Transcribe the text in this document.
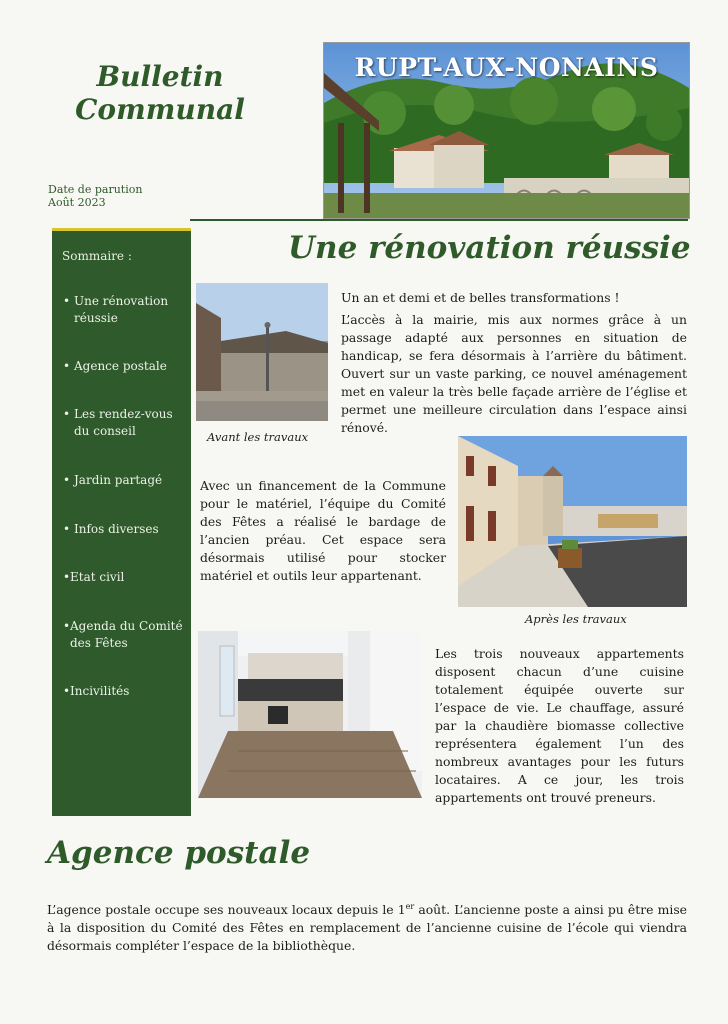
Bulletin
Communal
Date de parution
Août 2023
RUPT-AUX-NONAINS
Sommaire :
• Une rénovation réussie
• Agence postale
• Les rendez-vous du conseil
• Jardin partagé
• Infos diverses
• Etat civil
• Agenda du Comité des Fêtes
• Incivilités
Une rénovation réussie
Avant les travaux
Un an et demi et de belles transformations !
L’accès à la mairie, mis aux normes grâce à un passage adapté aux personnes en situation de handicap, se fera désormais à l’arrière du bâtiment. Ouvert sur un vaste parking, ce nouvel aménagement met en valeur la très belle façade arrière de l’église et permet une meilleure circulation dans l’espace ainsi rénové.
Avec un financement de la Commune pour le matériel, l’équipe du Comité des Fêtes a réalisé le bardage de l’ancien préau. Cet espace sera désormais utilisé pour stocker matériel et outils leur appartenant.
Après les travaux
Les trois nouveaux appartements disposent chacun d’une cuisine totalement équipée ouverte sur l’espace de vie. Le chauffage, assuré par la chaudière biomasse collective représentera également l’un des nombreux avantages pour les futurs locataires. A ce jour, les trois appartements ont trouvé preneurs.
Agence postale
L’agence postale occupe ses nouveaux locaux depuis le 1er août. L’ancienne poste a ainsi pu être mise à la disposition du Comité des Fêtes en remplacement de l’ancienne cuisine de l’école qui viendra désormais compléter l’espace de la bibliothèque.
